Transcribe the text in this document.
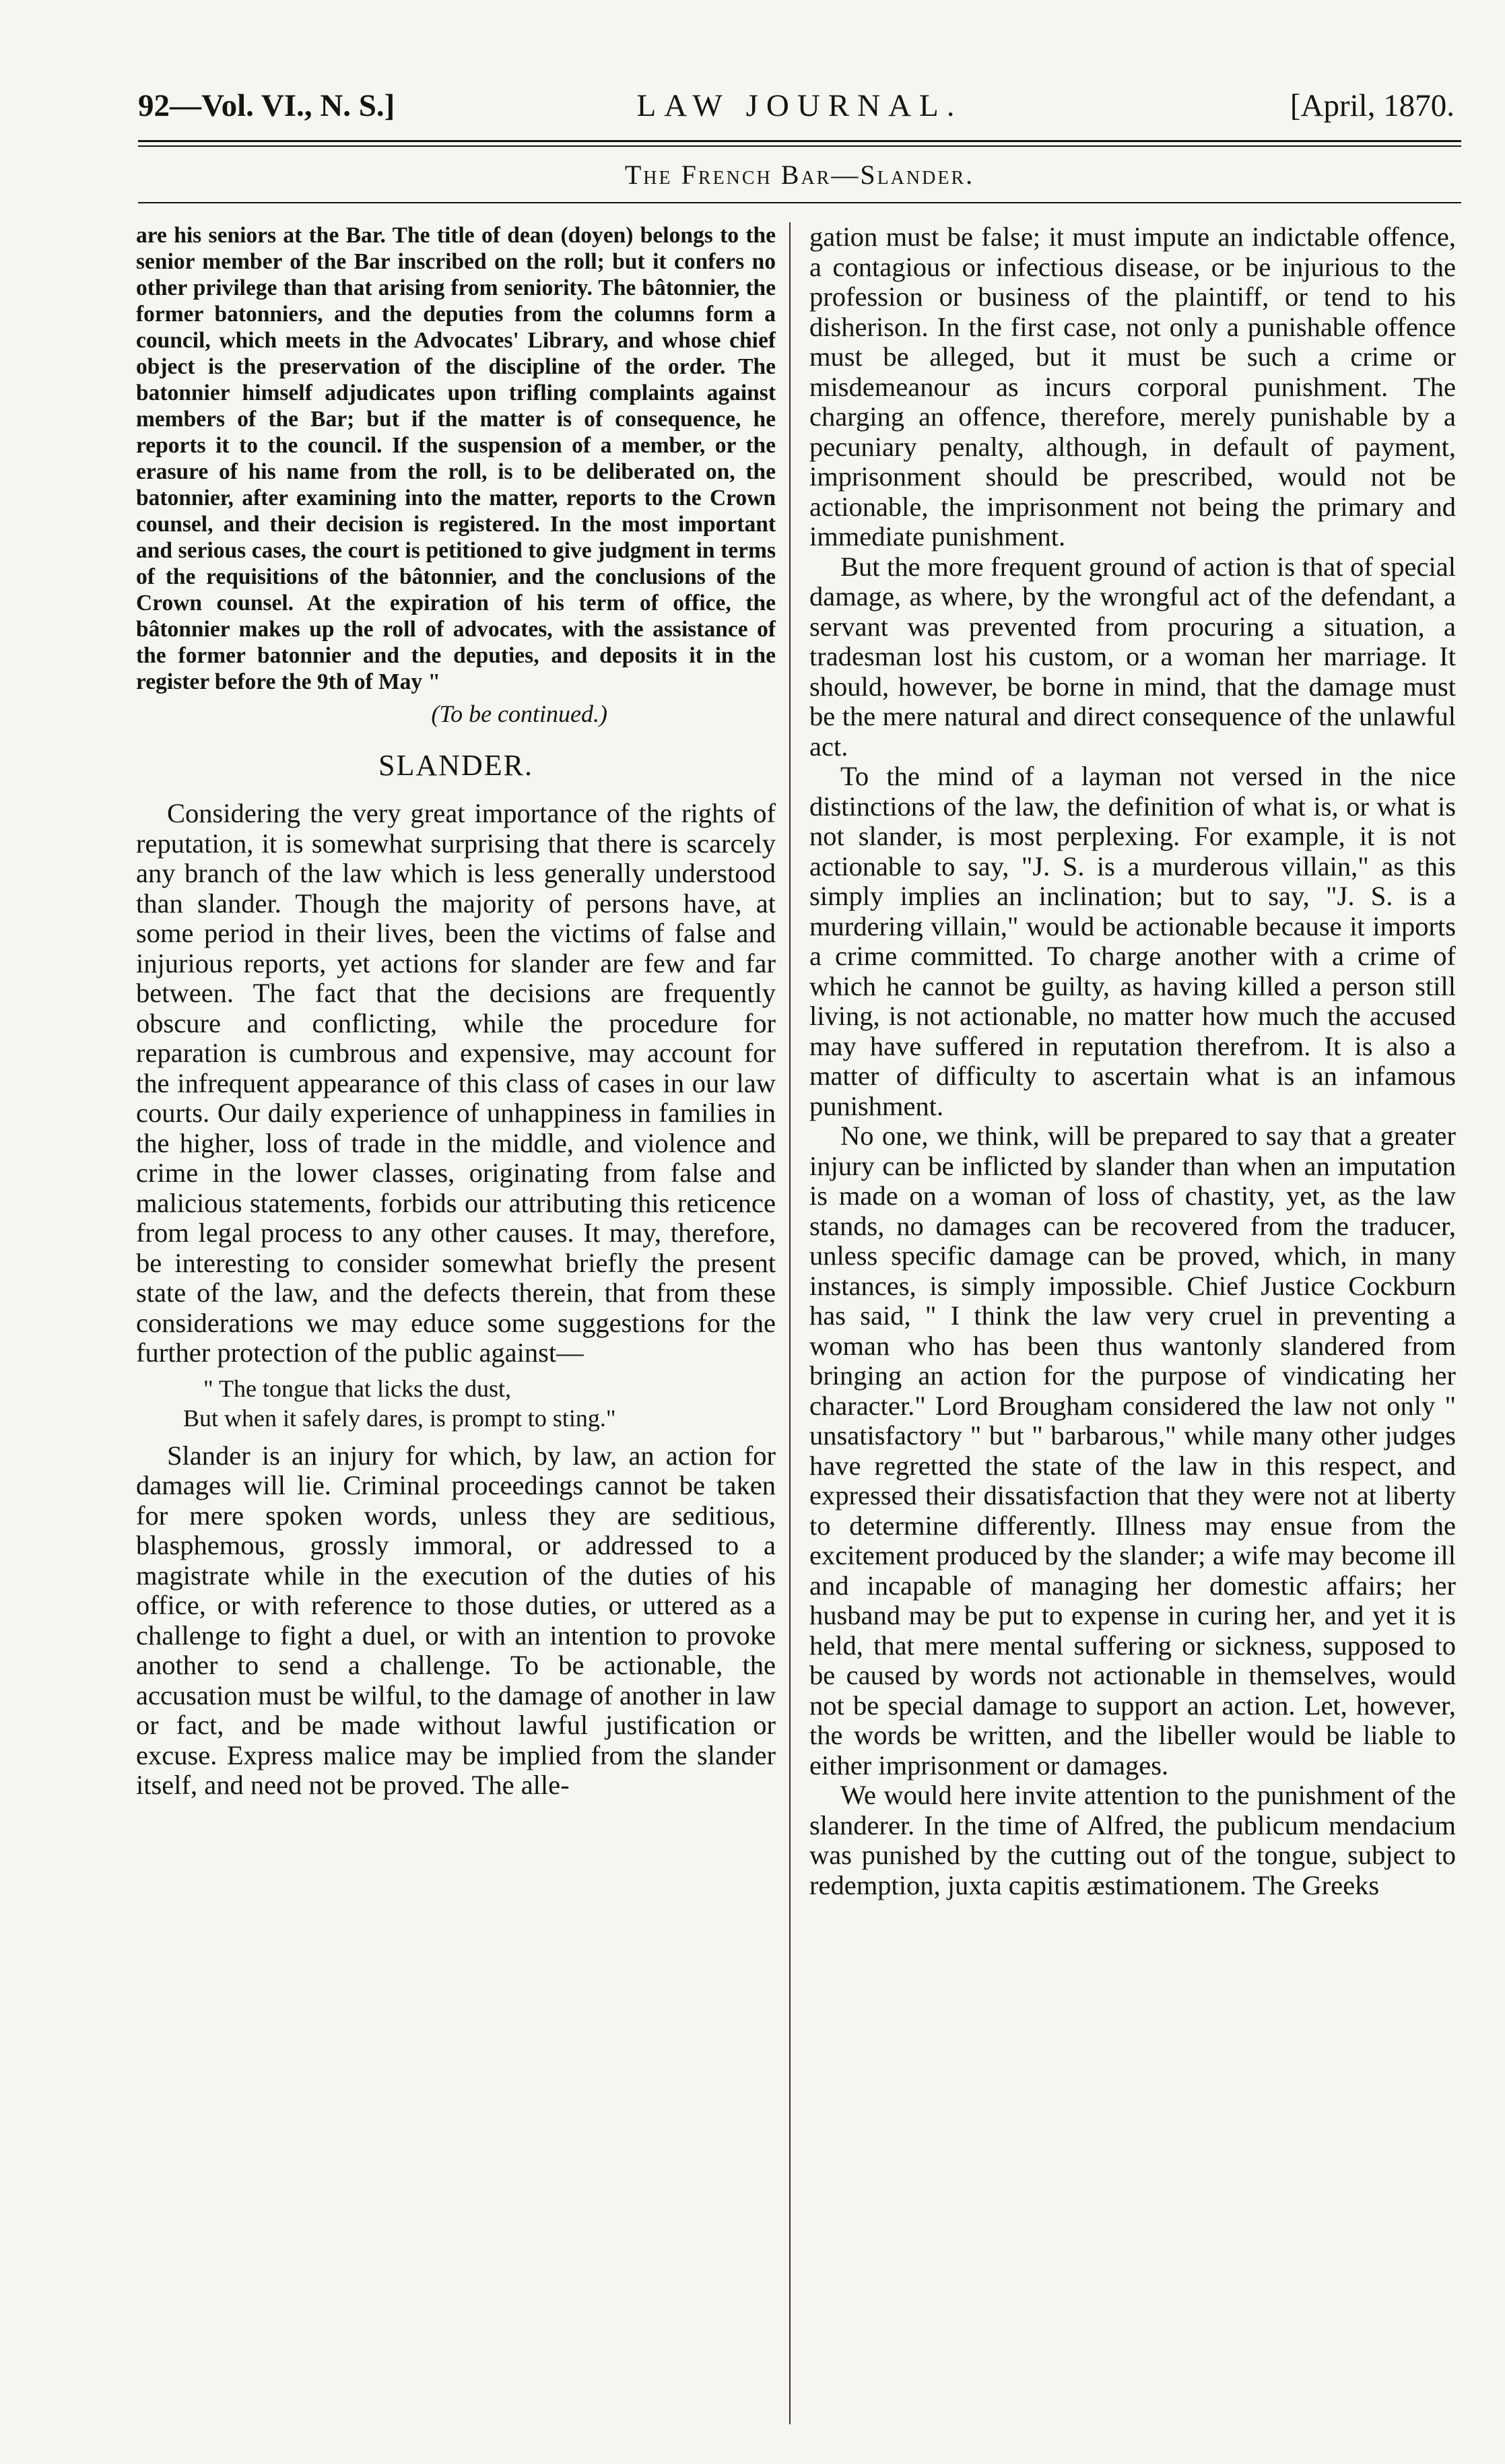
92—Vol. VI., N. S.]	LAW JOURNAL.	[April, 1870.
The French Bar—Slander.

are his seniors at the Bar. The title of dean (doyen) belongs to the senior member of the Bar inscribed on the roll; but it confers no other privilege than that arising from seniority. The bâtonnier, the former batonniers, and the deputies from the columns form a council, which meets in the Advocates' Library, and whose chief object is the preservation of the discipline of the order. The batonnier himself adjudicates upon trifling complaints against members of the Bar; but if the matter is of consequence, he reports it to the council. If the suspension of a member, or the erasure of his name from the roll, is to be deliberated on, the batonnier, after examining into the matter, reports to the Crown counsel, and their decision is registered. In the most important and serious cases, the court is petitioned to give judgment in terms of the requisitions of the bâtonnier, and the conclusions of the Crown counsel. At the expiration of his term of office, the bâtonnier makes up the roll of advocates, with the assistance of the former batonnier and the deputies, and deposits it in the register before the 9th of May "

(To be continued.)

SLANDER.

Considering the very great importance of the rights of reputation, it is somewhat surprising that there is scarcely any branch of the law which is less generally understood than slander. Though the majority of persons have, at some period in their lives, been the victims of false and injurious reports, yet actions for slander are few and far between. The fact that the decisions are frequently obscure and conflicting, while the procedure for reparation is cumbrous and expensive, may account for the infrequent appearance of this class of cases in our law courts. Our daily experience of unhappiness in families in the higher, loss of trade in the middle, and violence and crime in the lower classes, originating from false and malicious statements, forbids our attributing this reticence from legal process to any other causes. It may, therefore, be interesting to consider somewhat briefly the present state of the law, and the defects therein, that from these considerations we may educe some suggestions for the further protection of the public against—

" The tongue that licks the dust,

But when it safely dares, is prompt to sting."

Slander is an injury for which, by law, an action for damages will lie. Criminal proceedings cannot be taken for mere spoken words, unless they are seditious, blasphemous, grossly immoral, or addressed to a magistrate while in the execution of the duties of his office, or with reference to those duties, or uttered as a challenge to fight a duel, or with an intention to provoke another to send a challenge. To be actionable, the accusation must be wilful, to the damage of another in law or fact, and be made without lawful justification or excuse. Express malice may be implied from the slander itself, and need not be proved. The alle-

gation must be false; it must impute an indictable offence, a contagious or infectious disease, or be injurious to the profession or business of the plaintiff, or tend to his disherison. In the first case, not only a punishable offence must be alleged, but it must be such a crime or misdemeanour as incurs corporal punishment. The charging an offence, therefore, merely punishable by a pecuniary penalty, although, in default of payment, imprisonment should be prescribed, would not be actionable, the imprisonment not being the primary and immediate punishment.

But the more frequent ground of action is that of special damage, as where, by the wrongful act of the defendant, a servant was prevented from procuring a situation, a tradesman lost his custom, or a woman her marriage. It should, however, be borne in mind, that the damage must be the mere natural and direct consequence of the unlawful act.

To the mind of a layman not versed in the nice distinctions of the law, the definition of what is, or what is not slander, is most perplexing. For example, it is not actionable to say, "J. S. is a murderous villain," as this simply implies an inclination; but to say, "J. S. is a murdering villain," would be actionable because it imports a crime committed. To charge another with a crime of which he cannot be guilty, as having killed a person still living, is not actionable, no matter how much the accused may have suffered in reputation therefrom. It is also a matter of difficulty to ascertain what is an infamous punishment.

No one, we think, will be prepared to say that a greater injury can be inflicted by slander than when an imputation is made on a woman of loss of chastity, yet, as the law stands, no damages can be recovered from the traducer, unless specific damage can be proved, which, in many instances, is simply impossible. Chief Justice Cockburn has said, " I think the law very cruel in preventing a woman who has been thus wantonly slandered from bringing an action for the purpose of vindicating her character." Lord Brougham considered the law not only " unsatisfactory " but " barbarous," while many other judges have regretted the state of the law in this respect, and expressed their dissatisfaction that they were not at liberty to determine differently. Illness may ensue from the excitement produced by the slander; a wife may become ill and incapable of managing her domestic affairs; her husband may be put to expense in curing her, and yet it is held, that mere mental suffering or sickness, supposed to be caused by words not actionable in themselves, would not be special damage to support an action. Let, however, the words be written, and the libeller would be liable to either imprisonment or damages.

We would here invite attention to the punishment of the slanderer. In the time of Alfred, the publicum mendacium was punished by the cutting out of the tongue, subject to redemption, juxta capitis æstimationem. The Greeks
